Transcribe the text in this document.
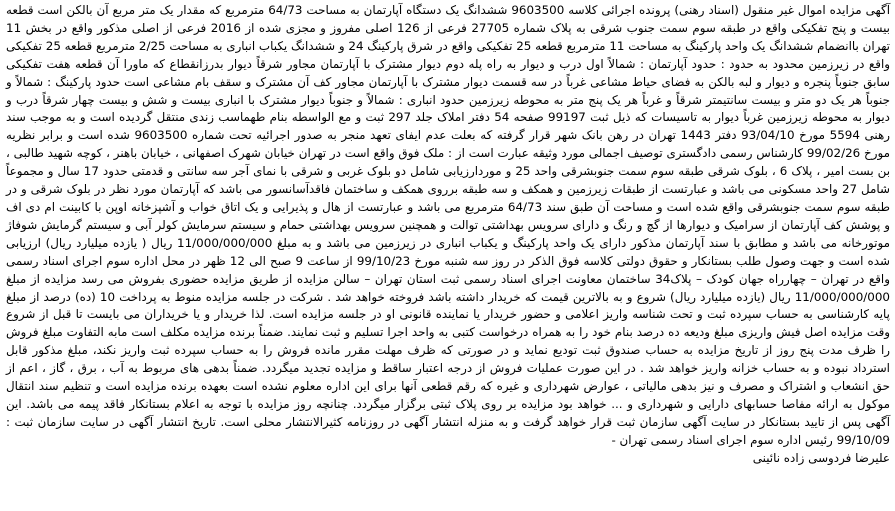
آگهی مزایده اموال غیر منقول (اسناد رهنی) پرونده اجرائی کلاسه 9603500 ششدانگ یک دستگاه آپارتمان به مساحت 64/73 مترمربع که مقدار یک متر مربع آن بالکن است قطعه بیست و پنج تفکیکی واقع در طبقه سوم سمت جنوب شرقی به پلاک شماره 27705 فرعی از 126 اصلی مفروز و مجزی شده از 2016 فرعی از اصلی مذکور واقع در بخش 11 تهران باانضمام ششدانگ یک واحد پارکینگ به مساحت 11 مترمربع قطعه 25 تفکیکی واقع در شرق پارکینگ 24 و ششدانگ یکباب انباری به مساحت 2/25 مترمربع قطعه 25 تفکیکی واقع در زیرزمین محدود به حدود : حدود آپارتمان : شمالاً اول درب و دیوار به راه پله دوم دیوار مشترک با آپارتمان مجاور شرقاً دیوار بدرزانقطاع که ماورا آن قطعه هفت تفکیکی سابق جنوباً پنجره و دیوار و لبه بالکن به فضای حیاط مشاعی غرباً در سه قسمت دیوار مشترک با آپارتمان مجاور کف آن مشترک و سقف بام مشاعی است حدود پارکینگ : شمالاً و جنوباً هر یک دو متر و بیست سانتیمتر شرقاً و غرباً هر یک پنج متر به محوطه زیرزمین حدود انباری : شمالاً و جنوباً دیوار مشترک با انباری بیست و شش و بیست چهار شرقاً درب و دیوار به محوطه زیرزمین غرباً دیوار به تاسیسات که ذیل ثبت 99197 صفحه 54 دفتر املاک جلد 297 ثبت و مع الواسطه بنام طهماسب زندی منتقل گردیده است و به موجب سند رهنی 5594 مورخ 93/04/10 دفتر 1443 تهران در رهن بانک شهر قرار گرفته که بعلت عدم ایفای تعهد منجر به صدور اجرائیه تحت شماره 9603500 شده است و برابر نظریه مورخ 99/02/26 کارشناس رسمی دادگستری توصیف اجمالی مورد وثیقه عبارت است از : ملک فوق واقع است در تهران خیابان شهرک اصفهانی ، خیابان باهنر ، کوچه شهید طالبی ، بن بست امیر ، پلاک 6 ، بلوک شرقی طبقه سوم سمت جنوبشرقی واحد 25 و موردارزیابی شامل دو بلوک غربی و شرقی با نمای آجر سه سانتی و قدمتی حدود 17 سال و مجموعاً شامل 27 واحد مسکونی می باشد و عبارتست از طبقات زیرزمین و همکف و سه طبقه برروی همکف و ساختمان فاقدآسانسور می باشد که آپارتمان مورد نظر در بلوک شرقی و در طبقه سوم سمت جنوبشرقی واقع شده است و مساحت آن طبق سند 64/73 مترمربع می باشد و عبارتست از هال و پذیرایی و یک اتاق خواب و آشپزخانه اوپن با کابینت ام دی اف و پوشش کف آپارتمان از سرامیک و دیوارها از گچ و رنگ و دارای سرویس بهداشتی توالت و همچنین سرویس بهداشتی حمام و سیستم سرمایش کولر آبی و سیستم گرمایش شوفاژ موتورخانه می باشد و مطابق با سند آپارتمان مذکور دارای یک واحد پارکینگ و یکباب انباری در زیرزمین می باشد و به مبلغ 11/000/000/000 ریال ( یازده میلیارد ریال) ارزیابی شده است و جهت وصول طلب بستانکار و حقوق دولتی کلاسه فوق الذکر در روز سه شنبه مورخ 99/10/23 از ساعت 9 صبح الی 12 ظهر در محل اداره سوم اجرای اسناد رسمی واقع در تهران – چهارراه جهان کودک – پلاک34 ساختمان معاونت اجرای اسناد رسمی ثبت استان تهران – سالن مزایده از طریق مزایده حضوری بفروش می رسد مزایده از مبلغ 11/000/000/000 ریال (یازده میلیارد ریال) شروع و به بالاترین قیمت که خریدار داشته باشد فروخته خواهد شد . شرکت در جلسه مزایده منوط به پرداخت 10 (ده) درصد از مبلغ پایه کارشناسی به حساب سپرده ثبت و تحت شناسه واریز اعلامی و حضور خریدار یا نماینده قانونی او در جلسه مزایده است. لذا خریدار و یا خریداران می بایست تا قبل از شروع وقت مزایده اصل فیش واریزی مبلغ ودیعه ده درصد بنام خود را به همراه درخواست کتبی به واحد اجرا تسلیم و ثبت نمایند. ضمناً برنده مزایده مکلف است مابه التفاوت مبلغ فروش را ظرف مدت پنج روز از تاریخ مزایده به حساب صندوق ثبت تودیع نماید و در صورتی که ظرف مهلت مقرر مانده فروش را به حساب سپرده ثبت واریز نکند، مبلغ مذکور قابل استرداد نبوده و به حساب خزانه واریز خواهد شد . در این صورت عملیات فروش از درجه اعتبار ساقط و مزایده تجدید میگردد. ضمناً بدهی های مربوط به آب ، برق ، گاز ، اعم از حق انشعاب و اشتراک و مصرف و نیز بدهی مالیاتی ، عوارض شهرداری و غیره که رقم قطعی آنها برای این اداره معلوم نشده است بعهده برنده مزایده است و تنظیم سند انتقال موکول به ارائه مفاصا حسابهای دارایی و شهرداری و ... خواهد بود مزایده بر روی پلاک ثبتی برگزار میگردد. چنانچه روز مزایده با توجه به اعلام بستانکار فاقد پیمه می باشد. این آگهی پس از تایید بستانکار در سایت آگهی سازمان ثبت قرار خواهد گرفت و به منزله انتشار آگهی در روزنامه کثیرالانتشار محلی است. تاریخ انتشار آگهی در سایت سازمان ثبت : 99/10/09 رئیس اداره سوم اجرای اسناد رسمی تهران -

علیرضا فردوسی زاده نائینی
